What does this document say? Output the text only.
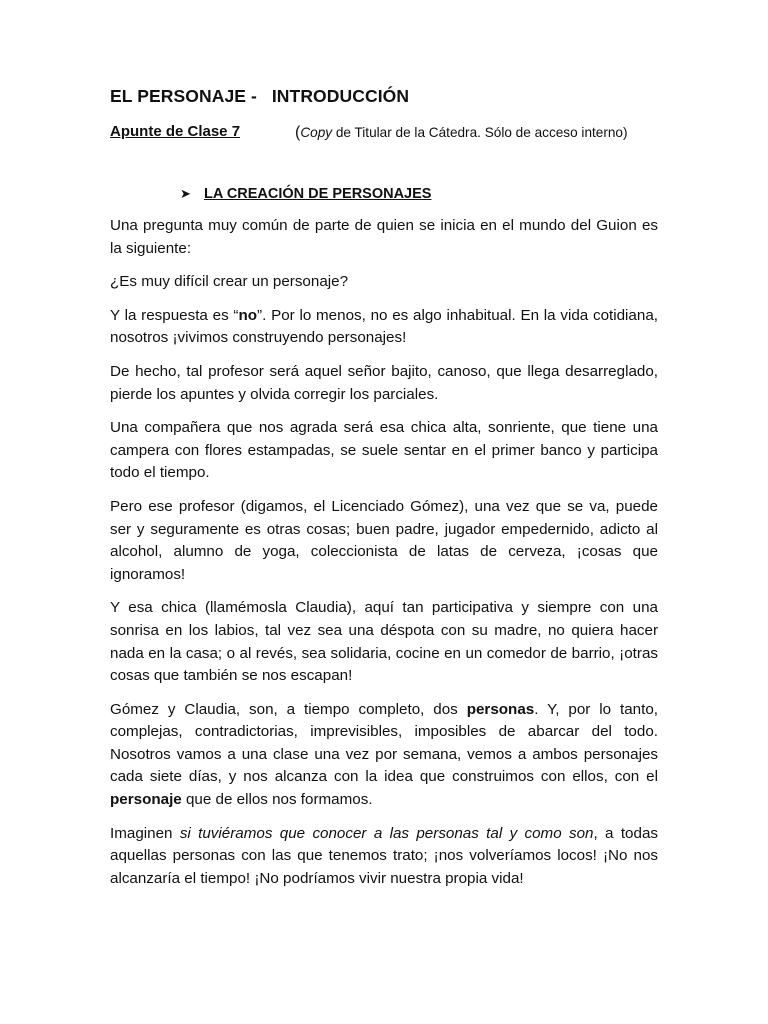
EL PERSONAJE -   INTRODUCCIÓN
Apunte de Clase 7	(Copy de Titular de la Cátedra. Sólo de acceso interno)
➤ LA CREACIÓN DE PERSONAJES

Una pregunta muy común de parte de quien se inicia en el mundo del Guion es la siguiente:

¿Es muy difícil crear un personaje?

Y la respuesta es “no”. Por lo menos, no es algo inhabitual. En la vida cotidiana, nosotros ¡vivimos construyendo personajes!

De hecho, tal profesor será aquel señor bajito, canoso, que llega desarreglado, pierde los apuntes y olvida corregir los parciales.

Una compañera que nos agrada será esa chica alta, sonriente, que tiene una campera con flores estampadas, se suele sentar en el primer banco y participa todo el tiempo.

Pero ese profesor (digamos, el Licenciado Gómez), una vez que se va, puede ser y seguramente es otras cosas; buen padre, jugador empedernido, adicto al alcohol, alumno de yoga, coleccionista de latas de cerveza, ¡cosas que ignoramos!

Y esa chica (llamémosla Claudia), aquí tan participativa y siempre con una sonrisa en los labios, tal vez sea una déspota con su madre, no quiera hacer nada en la casa; o al revés, sea solidaria, cocine en un comedor de barrio, ¡otras cosas que también se nos escapan!

Gómez y Claudia, son, a tiempo completo, dos personas. Y, por lo tanto, complejas, contradictorias, imprevisibles, imposibles de abarcar del todo. Nosotros vamos a una clase una vez por semana, vemos a ambos personajes cada siete días, y nos alcanza con la idea que construimos con ellos, con el personaje que de ellos nos formamos.

Imaginen si tuviéramos que conocer a las personas tal y como son, a todas aquellas personas con las que tenemos trato; ¡nos volveríamos locos! ¡No nos alcanzaría el tiempo! ¡No podríamos vivir nuestra propia vida!
